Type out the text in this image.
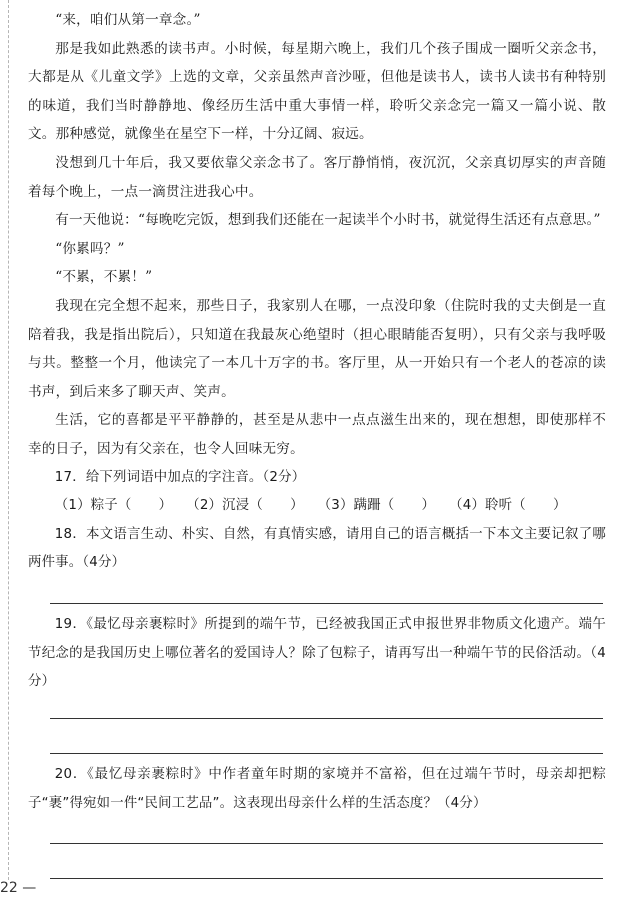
“来，咱们从第一章念。”

那是我如此熟悉的读书声。小时候，每星期六晚上，我们几个孩子围成一圈听父亲念书，大都是从《儿童文学》上选的文章，父亲虽然声音沙哑，但他是读书人，读书人读书有种特别的味道，我们当时静静地、像经历生活中重大事情一样，聆听父亲念完一篇又一篇小说、散文。那种感觉，就像坐在星空下一样，十分辽阔、寂远。

没想到几十年后，我又要依靠父亲念书了。客厅静悄悄，夜沉沉，父亲真切厚实的声音随着每个晚上，一点一滴贯注进我心中。

有一天他说：“每晚吃完饭，想到我们还能在一起读半个小时书，就觉得生活还有点意思。”

“你累吗？”

“不累，不累！”

我现在完全想不起来，那些日子，我家别人在哪，一点没印象（住院时我的丈夫倒是一直陪着我，我是指出院后），只知道在我最灰心绝望时（担心眼睛能否复明），只有父亲与我呼吸与共。整整一个月，他读完了一本几十万字的书。客厅里，从一开始只有一个老人的苍凉的读书声，到后来多了聊天声、笑声。

生活，它的喜都是平平静静的，甚至是从悲中一点点滋生出来的，现在想想，即使那样不幸的日子，因为有父亲在，也令人回味无穷。

17．给下列词语中加点的字注音。（2分）

（1）粽子（　　） （2）沉浸（　　） （3）蹒跚（　　） （4）聆听（　　）

18．本文语言生动、朴实、自然，有真情实感，请用自己的语言概括一下本文主要记叙了哪两件事。（4分）

19．《最忆母亲裹粽时》所提到的端午节，已经被我国正式申报世界非物质文化遗产。端午节纪念的是我国历史上哪位著名的爱国诗人？除了包粽子，请再写出一种端午节的民俗活动。（4分）

20．《最忆母亲裹粽时》中作者童年时期的家境并不富裕，但在过端午节时，母亲却把粽子“裹”得宛如一件“民间工艺品”。这表现出母亲什么样的生活态度？（4分）

22 —
